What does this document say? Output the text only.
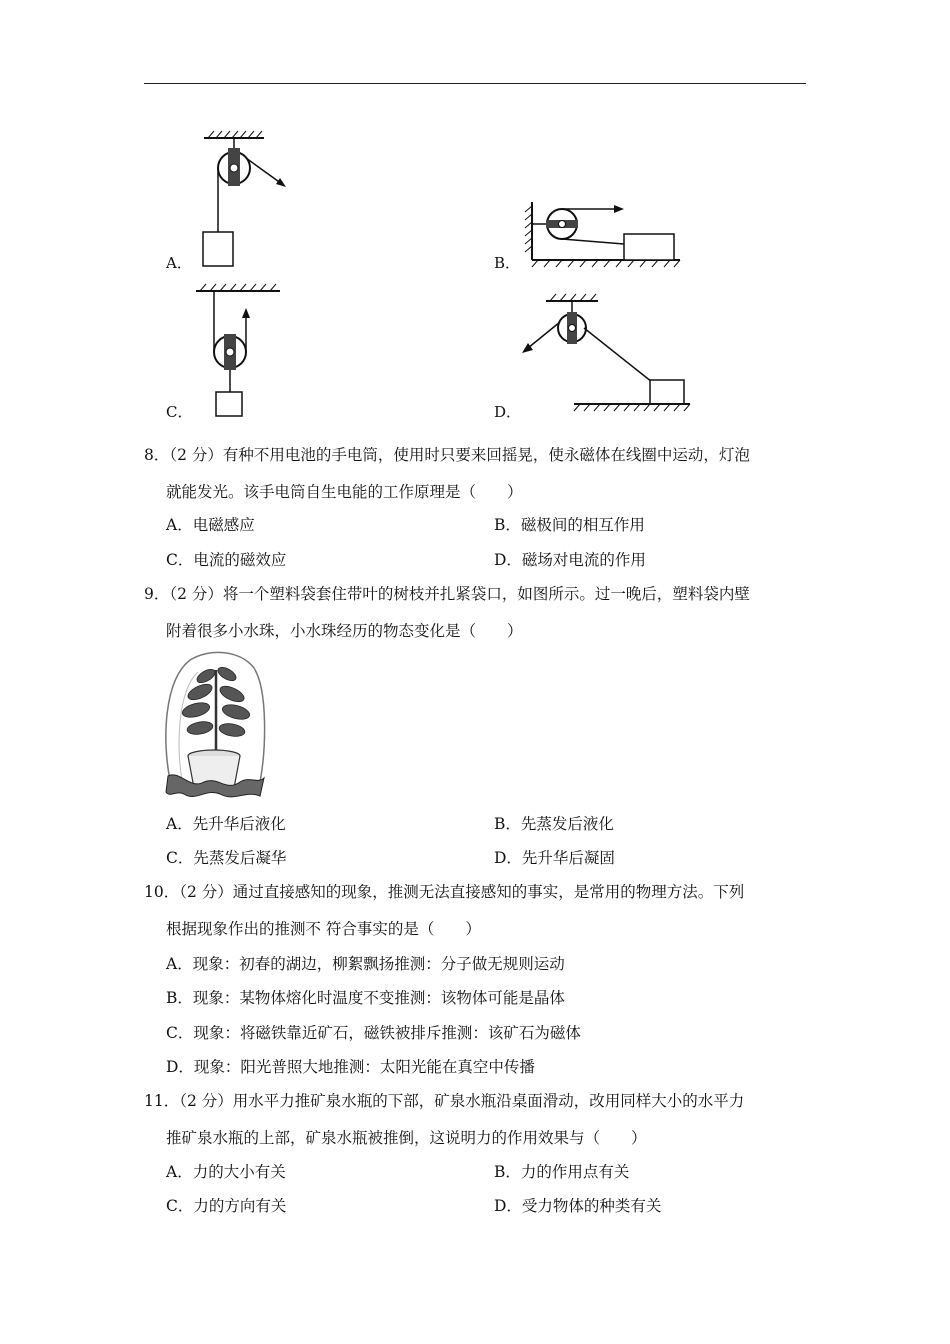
A．	B．
C．	D．
8．（2 分）有种不用电池的手电筒，使用时只要来回摇晃，使永磁体在线圈中运动，灯泡
就能发光。该手电筒自生电能的工作原理是（　　）
A．电磁感应	B．磁极间的相互作用
C．电流的磁效应	D．磁场对电流的作用
9．（2 分）将一个塑料袋套住带叶的树枝并扎紧袋口，如图所示。过一晚后，塑料袋内壁
附着很多小水珠，小水珠经历的物态变化是（　　）
A．先升华后液化	B．先蒸发后液化
C．先蒸发后凝华	D．先升华后凝固
10．（2 分）通过直接感知的现象，推测无法直接感知的事实，是常用的物理方法。下列
根据现象作出的推测不 符合事实的是（　　）
A．现象：初春的湖边，柳絮飘扬推测：分子做无规则运动
B．现象：某物体熔化时温度不变推测：该物体可能是晶体
C．现象：将磁铁靠近矿石，磁铁被排斥推测：该矿石为磁体
D．现象：阳光普照大地推测：太阳光能在真空中传播
11．（2 分）用水平力推矿泉水瓶的下部，矿泉水瓶沿桌面滑动，改用同样大小的水平力
推矿泉水瓶的上部，矿泉水瓶被推倒，这说明力的作用效果与（　　）
A．力的大小有关	B．力的作用点有关
C．力的方向有关	D．受力物体的种类有关
